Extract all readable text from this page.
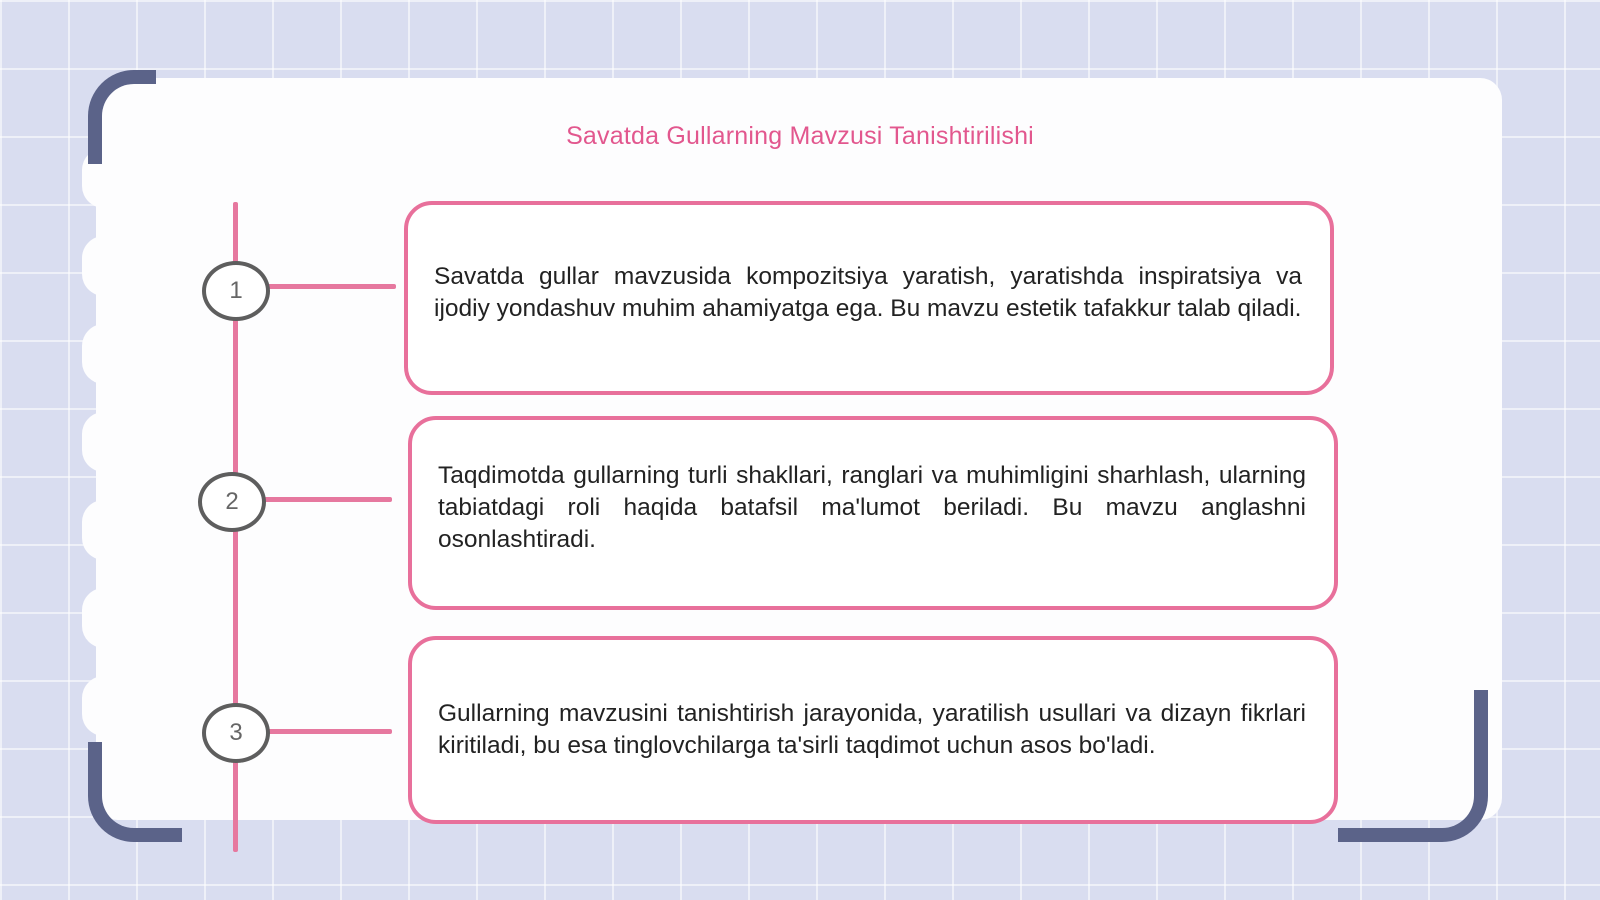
Savatda Gullarning Mavzusi Tanishtirilishi
1
2
3

Savatda gullar mavzusida kompozitsiya yaratish, yaratishda inspiratsiya va ijodiy yondashuv muhim ahamiyatga ega. Bu mavzu estetik tafakkur talab qiladi.

Taqdimotda gullarning turli shakllari, ranglari va muhimligini sharhlash, ularning tabiatdagi roli haqida batafsil ma'lumot beriladi. Bu mavzu anglashni osonlashtiradi.

Gullarning mavzusini tanishtirish jarayonida, yaratilish usullari va dizayn fikrlari kiritiladi, bu esa tinglovchilarga ta'sirli taqdimot uchun asos bo'ladi.
